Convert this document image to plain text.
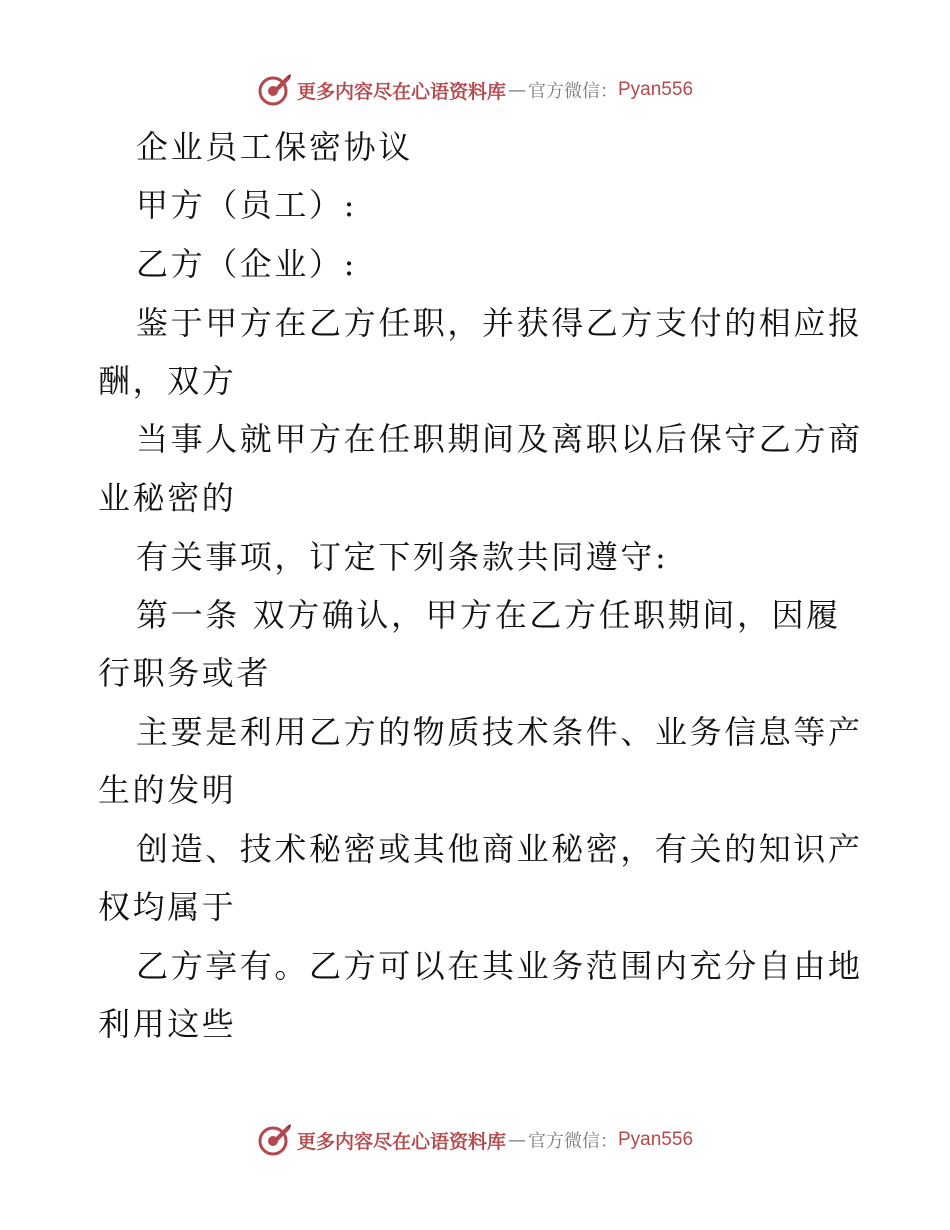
更多内容尽在心语资料库 — 官方微信： Pyan556
企业员工保密协议
甲方（员工）:
乙方（企业）:
鉴于甲方在乙方任职，并获得乙方支付的相应报
酬，双方
当事人就甲方在任职期间及离职以后保守乙方商
业秘密的
有关事项，订定下列条款共同遵守:
第一条 双方确认，甲方在乙方任职期间，因履
行职务或者
主要是利用乙方的物质技术条件、业务信息等产
生的发明
创造、技术秘密或其他商业秘密，有关的知识产
权均属于
乙方享有。乙方可以在其业务范围内充分自由地
利用这些
更多内容尽在心语资料库 — 官方微信： Pyan556
